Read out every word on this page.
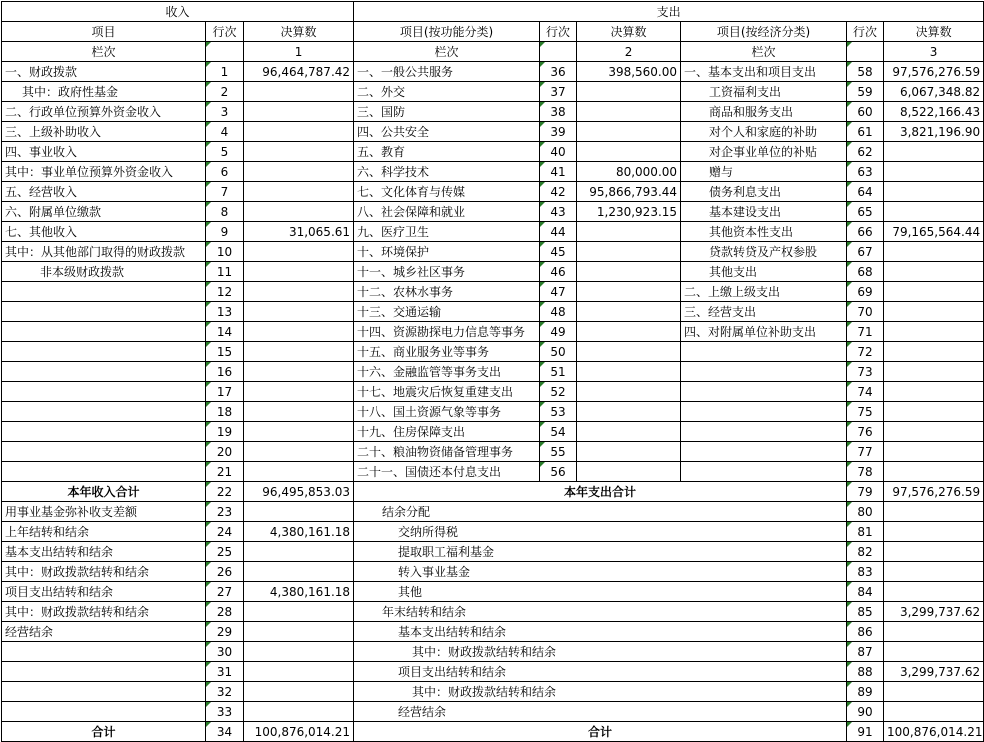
收入			支出					
项目	行次	决算数	项目(按功能分类)	行次	决算数	项目(按经济分类)	行次	决算数
栏次		1	栏次		2	栏次		3
一、财政拨款	1	96,464,787.42	一、一般公共服务	36	398,560.00	一、基本支出和项目支出	58	97,576,276.59
其中：政府性基金	2		二、外交	37		工资福利支出	59	6,067,348.82
二、行政单位预算外资金收入	3		三、国防	38		商品和服务支出	60	8,522,166.43
三、上级补助收入	4		四、公共安全	39		对个人和家庭的补助	61	3,821,196.90
四、事业收入	5		五、教育	40		对企事业单位的补贴	62	
其中：事业单位预算外资金收入	6		六、科学技术	41	80,000.00	赠与	63	
五、经营收入	7		七、文化体育与传媒	42	95,866,793.44	债务利息支出	64	
六、附属单位缴款	8		八、社会保障和就业	43	1,230,923.15	基本建设支出	65	
七、其他收入	9	31,065.61	九、医疗卫生	44		其他资本性支出	66	79,165,564.44
其中：从其他部门取得的财政拨款	10		十、环境保护	45		贷款转贷及产权参股	67	
非本级财政拨款	11		十一、城乡社区事务	46		其他支出	68	
	12		十二、农林水事务	47		二、上缴上级支出	69	
	13		十三、交通运输	48		三、经营支出	70	
	14		十四、资源勘探电力信息等事务	49		四、对附属单位补助支出	71	
	15		十五、商业服务业等事务	50			72	
	16		十六、金融监管等事务支出	51			73	
	17		十七、地震灾后恢复重建支出	52			74	
	18		十八、国土资源气象等事务	53			75	
	19		十九、住房保障支出	54			76	
	20		二十、粮油物资储备管理事务	55			77	
	21		二十一、国债还本付息支出	56			78	
本年收入合计	22	96,495,853.03	本年支出合计				79	97,576,276.59
用事业基金弥补收支差额	23		结余分配				80	
上年结转和结余	24	4,380,161.18	交纳所得税				81	
基本支出结转和结余	25		提取职工福利基金				82	
其中：财政拨款结转和结余	26		转入事业基金				83	
项目支出结转和结余	27	4,380,161.18	其他				84	
其中：财政拨款结转和结余	28		年末结转和结余				85	3,299,737.62
经营结余	29		基本支出结转和结余				86	
	30		其中：财政拨款结转和结余				87	
	31		项目支出结转和结余				88	3,299,737.62
	32		其中：财政拨款结转和结余				89	
	33		经营结余				90	
合计	34	100,876,014.21	合计				91	100,876,014.21
